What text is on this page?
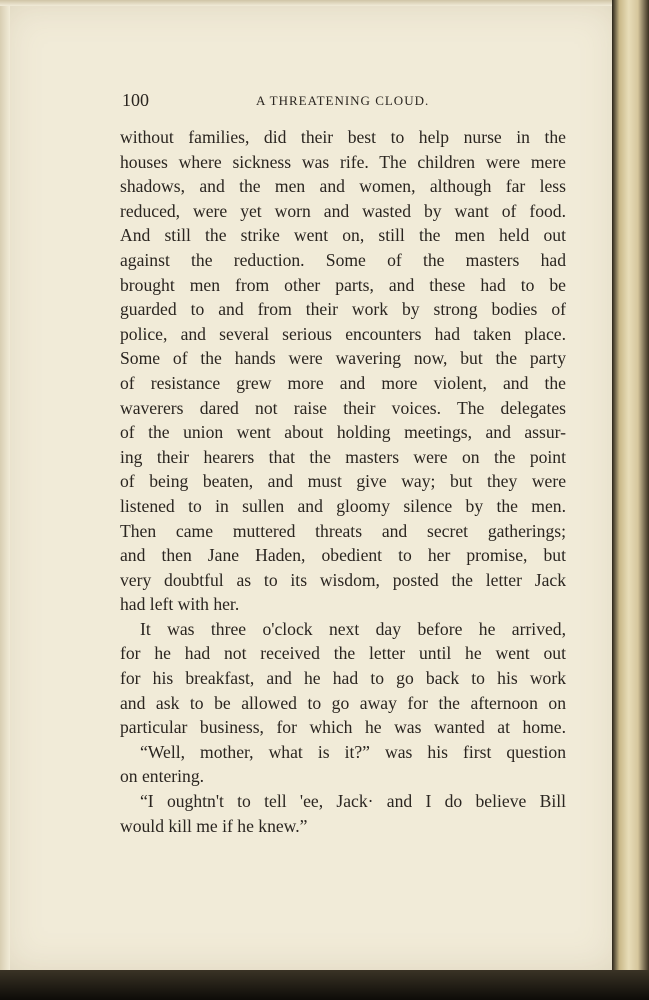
100	A THREATENING CLOUD.
without families, did their best to help nurse in the
houses where sickness was rife. The children were mere
shadows, and the men and women, although far less
reduced, were yet worn and wasted by want of food.
And still the strike went on, still the men held out
against the reduction. Some of the masters had
brought men from other parts, and these had to be
guarded to and from their work by strong bodies of
police, and several serious encounters had taken place.
Some of the hands were wavering now, but the party
of resistance grew more and more violent, and the
waverers dared not raise their voices. The delegates
of the union went about holding meetings, and assur-
ing their hearers that the masters were on the point
of being beaten, and must give way; but they were
listened to in sullen and gloomy silence by the men.
Then came muttered threats and secret gatherings;
and then Jane Haden, obedient to her promise, but
very doubtful as to its wisdom, posted the letter Jack
had left with her.
It was three o'clock next day before he arrived,
for he had not received the letter until he went out
for his breakfast, and he had to go back to his work
and ask to be allowed to go away for the afternoon on
particular business, for which he was wanted at home.
“Well, mother, what is it?” was his first question
on entering.
“I oughtn't to tell 'ee, Jack· and I do believe Bill
would kill me if he knew.”
